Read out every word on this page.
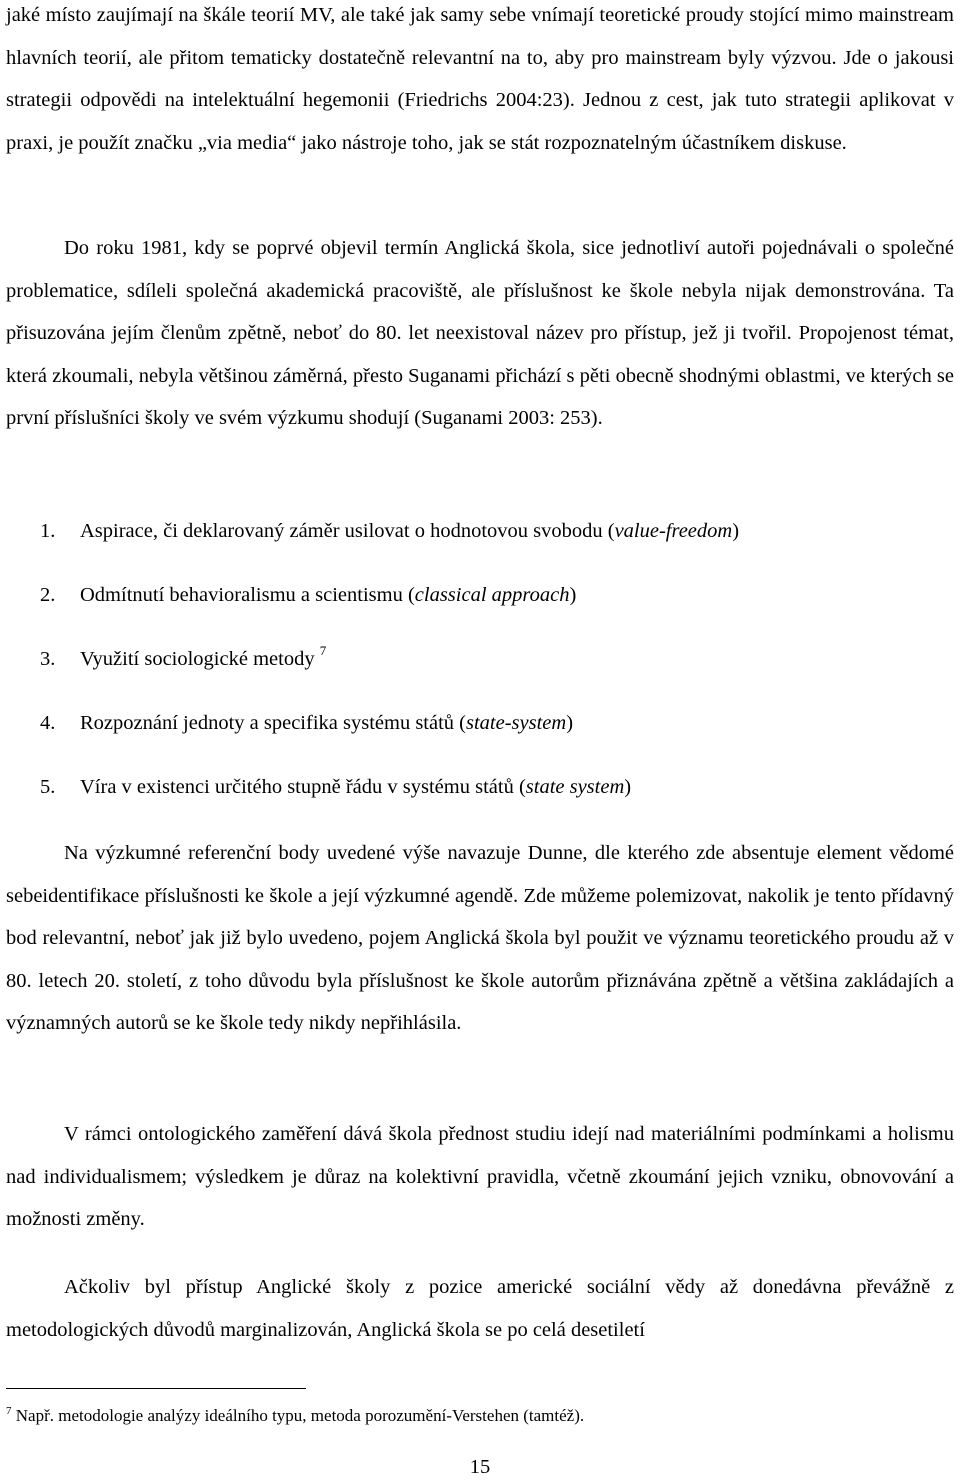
jaké místo zaujímají na škále teorií MV, ale také jak samy sebe vnímají teoretické proudy stojící mimo mainstream hlavních teorií, ale přitom tematicky dostatečně relevantní na to, aby pro mainstream byly výzvou. Jde o jakousi strategii odpovědi na intelektuální hegemonii (Friedrichs 2004:23). Jednou z cest, jak tuto strategii aplikovat v praxi, je použít značku „via media“ jako nástroje toho, jak se stát rozpoznatelným účastníkem diskuse.

Do roku 1981, kdy se poprvé objevil termín Anglická škola, sice jednotliví autoři pojednávali o společné problematice, sdíleli společná akademická pracoviště, ale příslušnost ke škole nebyla nijak demonstrována. Ta přisuzována jejím členům zpětně, neboť do 80. let neexistoval název pro přístup, jež ji tvořil. Propojenost témat, která zkoumali, nebyla většinou záměrná, přesto Suganami přichází s pěti obecně shodnými oblastmi, ve kterých se první příslušníci školy ve svém výzkumu shodují (Suganami 2003: 253).

1.	Aspirace, či deklarovaný záměr usilovat o hodnotovou svobodu (value-freedom)
2.	Odmítnutí behavioralismu a scientismu (classical approach)
3.	Využití sociologické metody $^7$
4.	Rozpoznání jednoty a specifika systému států (state-system)
5.	Víra v existenci určitého stupně řádu v systému států (state system)

Na výzkumné referenční body uvedené výše navazuje Dunne, dle kterého zde absentuje element vědomé sebeidentifikace příslušnosti ke škole a její výzkumné agendě. Zde můžeme polemizovat, nakolik je tento přídavný bod relevantní, neboť jak již bylo uvedeno, pojem Anglická škola byl použit ve významu teoretického proudu až v 80. letech 20. století, z toho důvodu byla příslušnost ke škole autorům přiznávána zpětně a většina zakládajích a významných autorů se ke škole tedy nikdy nepřihlásila.

V rámci ontologického zaměření dává škola přednost studiu idejí nad materiálními podmínkami a holismu nad individualismem; výsledkem je důraz na kolektivní pravidla, včetně zkoumání jejich vzniku, obnovování a možnosti změny.

Ačkoliv byl přístup Anglické školy z pozice americké sociální vědy až donedávna převážně z metodologických důvodů marginalizován, Anglická škola se po celá desetiletí

$^7$ Např. metodologie analýzy ideálního typu, metoda porozumění-Verstehen (tamtéž).

15
